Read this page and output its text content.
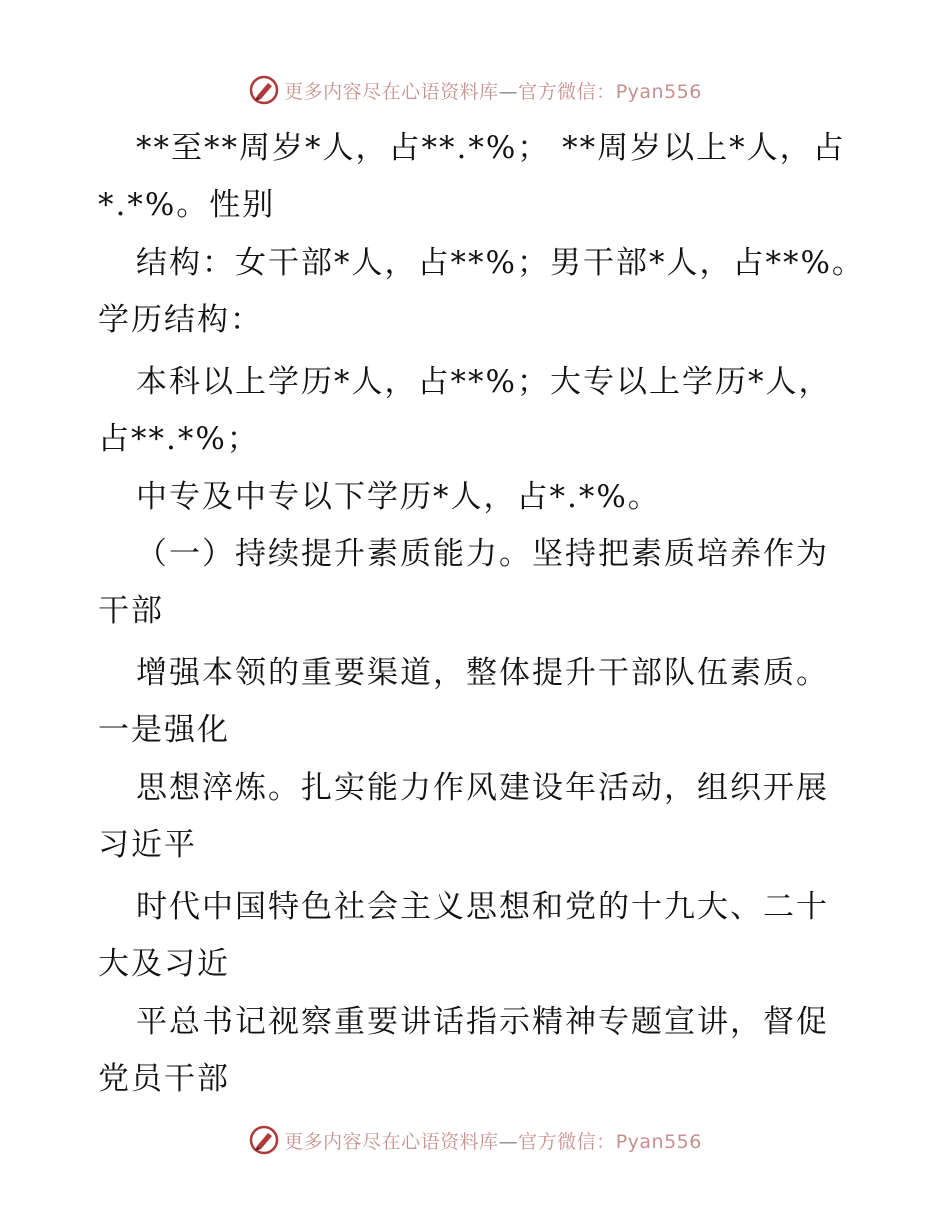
更多内容尽在心语资料库—官方微信：Pyan556
**至**周岁*人，占**.*%； **周岁以上*人，占
*.*%。性别
结构：女干部*人，占**%；男干部*人，占**%。
学历结构：
本科以上学历*人，占**%；大专以上学历*人，
占**.*%；
中专及中专以下学历*人，占*.*%。
（一）持续提升素质能力。坚持把素质培养作为
干部
增强本领的重要渠道，整体提升干部队伍素质。
一是强化
思想淬炼。扎实能力作风建设年活动，组织开展
习近平
时代中国特色社会主义思想和党的十九大、二十
大及习近
平总书记视察重要讲话指示精神专题宣讲，督促
党员干部
更多内容尽在心语资料库—官方微信：Pyan556
